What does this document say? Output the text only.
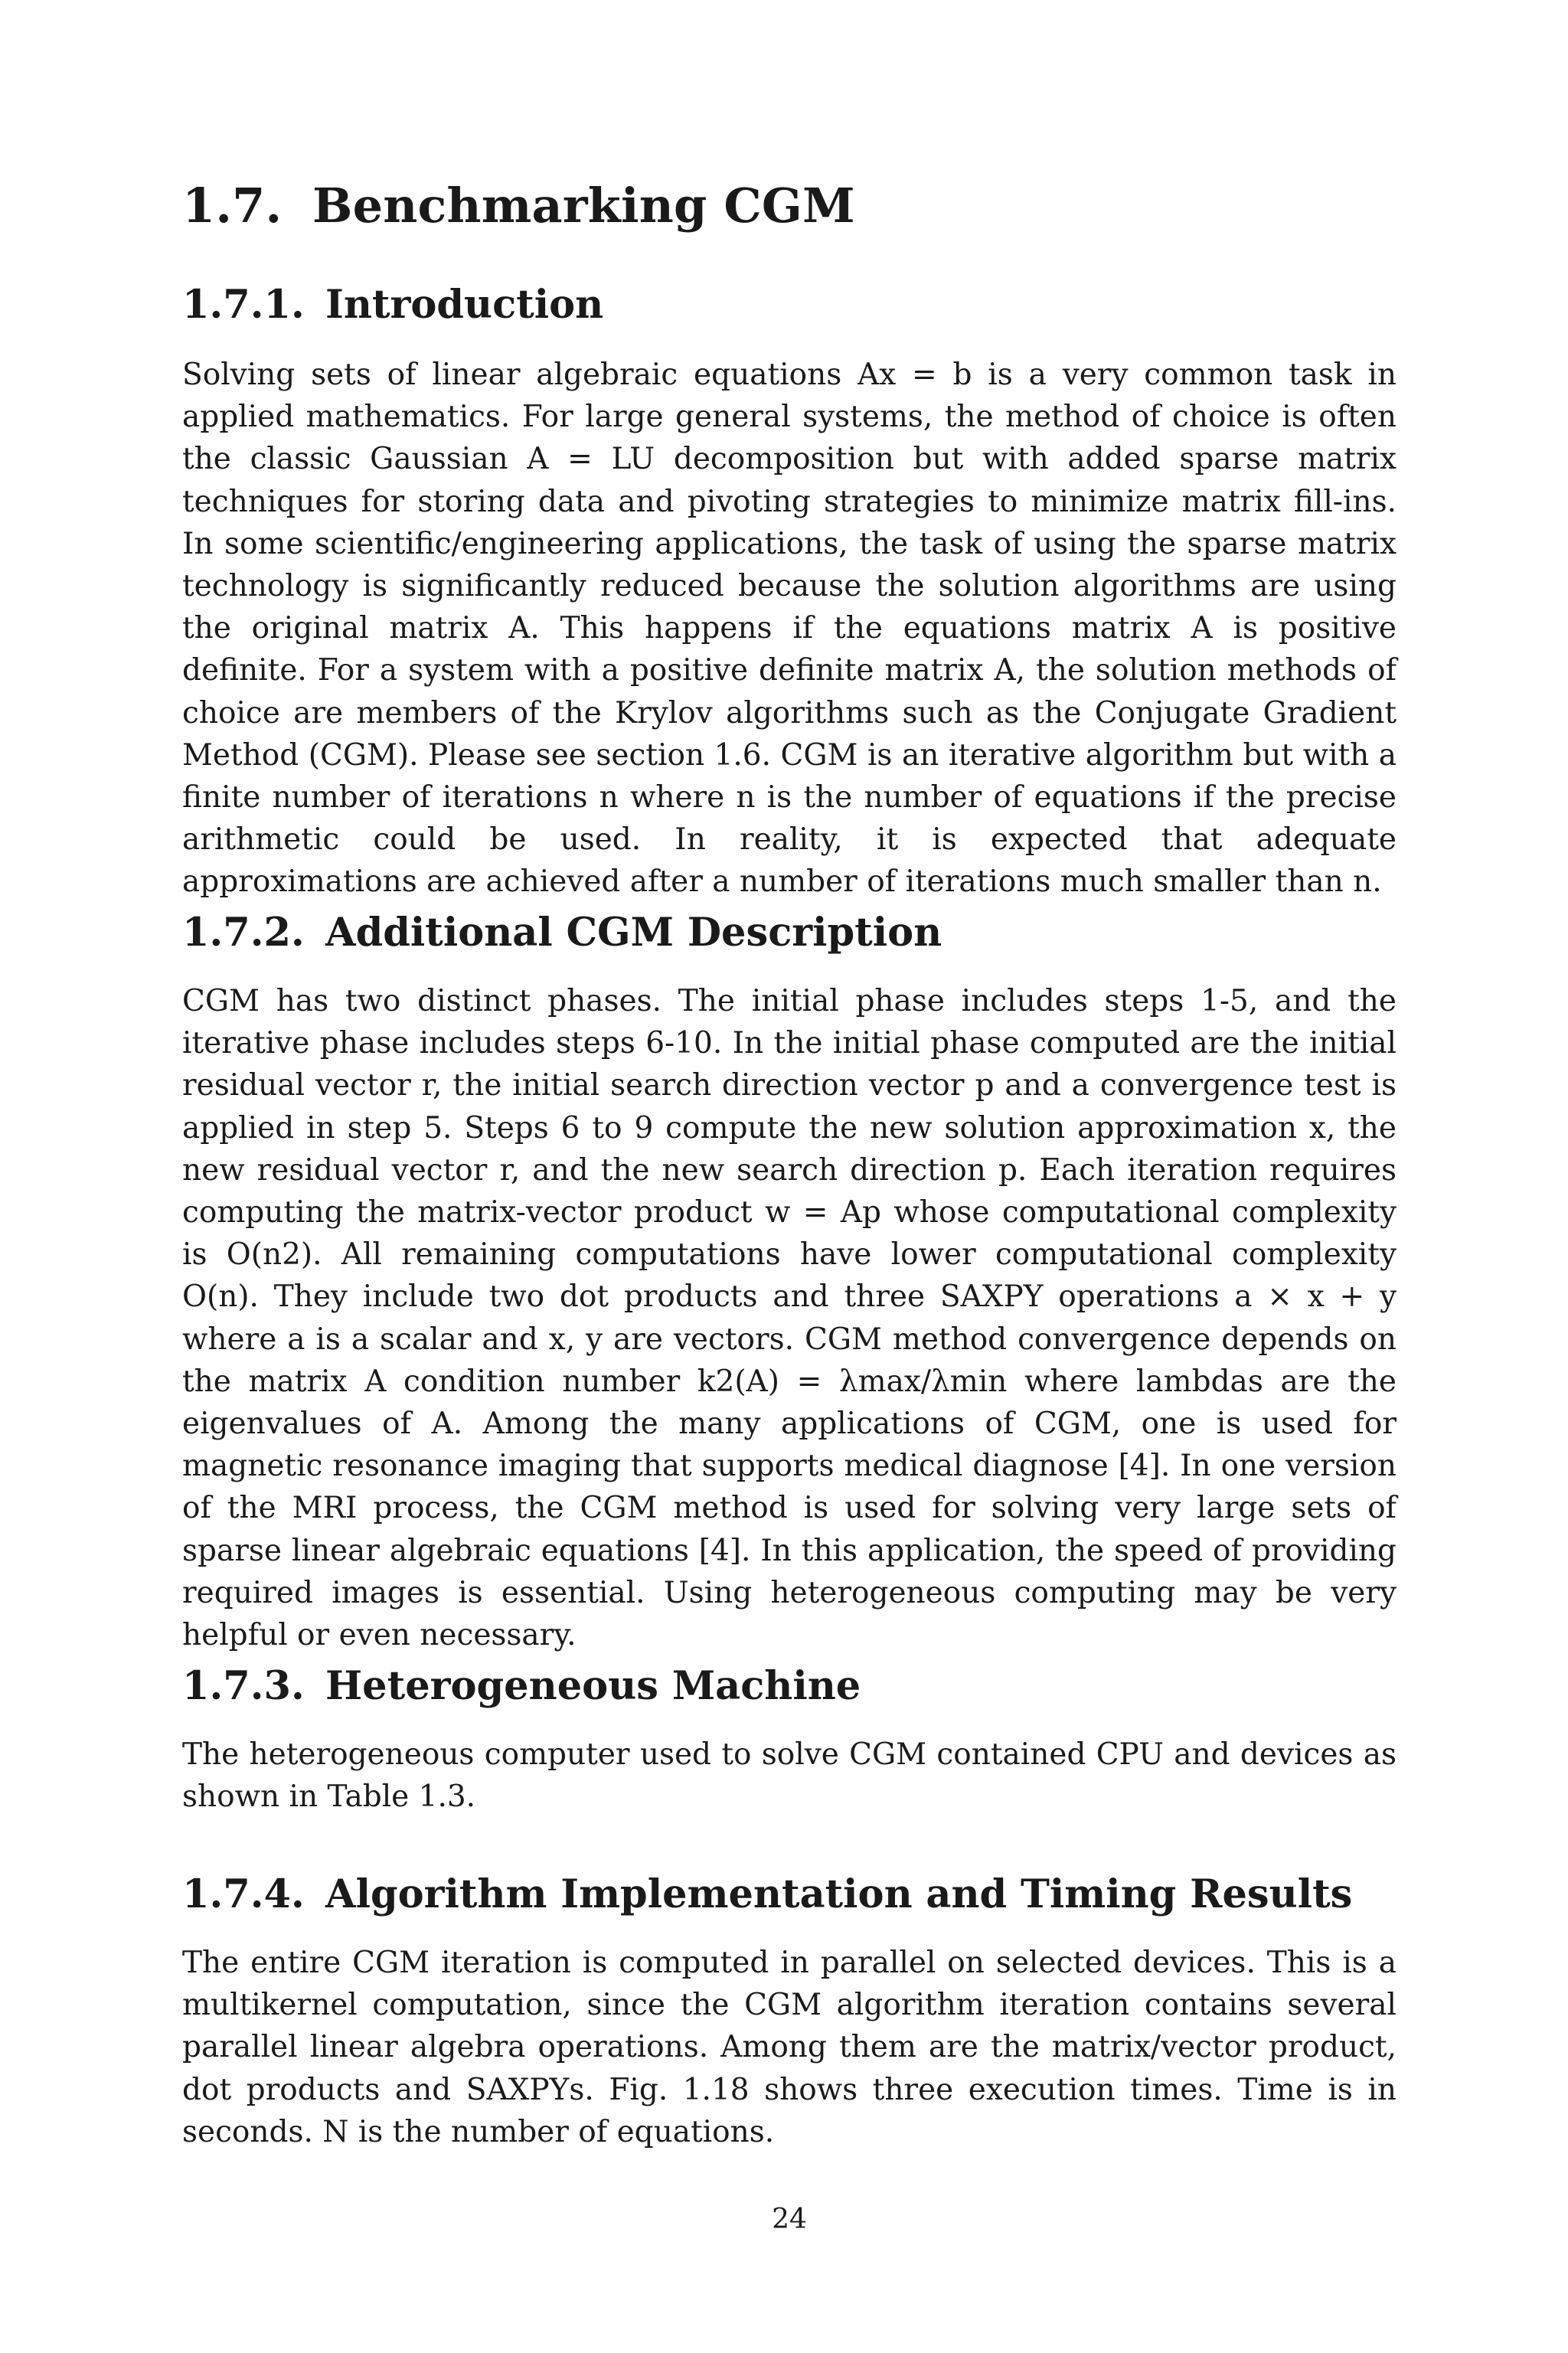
1.7. Benchmarking CGM
1.7.1. Introduction

Solving sets of linear algebraic equations Ax = b is a very common task in applied mathematics. For large general systems, the method of choice is often the classic Gaussian A = LU decomposition but with added sparse matrix techniques for storing data and pivoting strategies to minimize matrix fill-ins. In some scientific/engineering applications, the task of using the sparse matrix technology is significantly reduced because the solution algorithms are using the original matrix A. This happens if the equations matrix A is positive definite. For a system with a positive definite matrix A, the solution methods of choice are members of the Krylov algorithms such as the Conjugate Gradient Method (CGM). Please see section 1.6. CGM is an iterative algorithm but with a finite number of iterations n where n is the number of equations if the precise arithmetic could be used. In reality, it is expected that adequate approximations are achieved after a number of iterations much smaller than n.

1.7.2. Additional CGM Description

CGM has two distinct phases. The initial phase includes steps 1-5, and the iterative phase includes steps 6-10. In the initial phase computed are the initial residual vector r, the initial search direction vector p and a convergence test is applied in step 5. Steps 6 to 9 compute the new solution approximation x, the new residual vector r, and the new search direction p. Each iteration requires computing the matrix-vector product w = Ap whose computational complexity is O(n2). All remaining computations have lower computational complexity O(n). They include two dot products and three SAXPY operations a × x + y where a is a scalar and x, y are vectors. CGM method convergence depends on the matrix A condition number k2(A) = λmax/λmin where lambdas are the eigenvalues of A. Among the many applications of CGM, one is used for magnetic resonance imaging that supports medical diagnose [4]. In one version of the MRI process, the CGM method is used for solving very large sets of sparse linear algebraic equations [4]. In this application, the speed of providing required images is essential. Using heterogeneous computing may be very helpful or even necessary.

1.7.3. Heterogeneous Machine

The heterogeneous computer used to solve CGM contained CPU and devices as shown in Table 1.3.

1.7.4. Algorithm Implementation and Timing Results

The entire CGM iteration is computed in parallel on selected devices. This is a multikernel computation, since the CGM algorithm iteration contains several parallel linear algebra operations. Among them are the matrix/vector product, dot products and SAXPYs. Fig. 1.18 shows three execution times. Time is in seconds. N is the number of equations.

24
